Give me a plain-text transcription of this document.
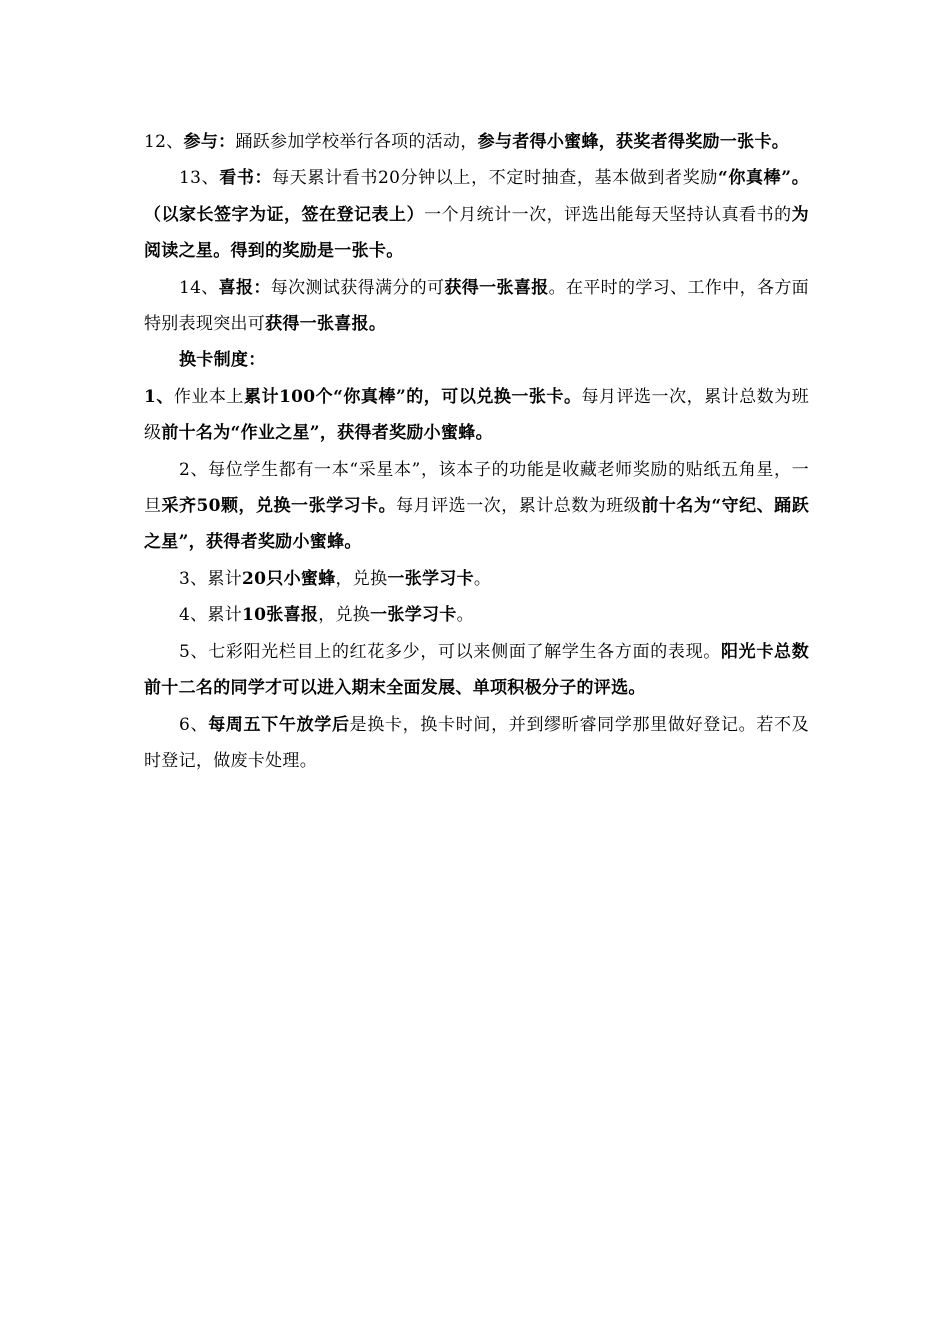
12、参与：踊跃参加学校举行各项的活动，参与者得小蜜蜂，获奖者得奖励一张卡。

13、看书：每天累计看书20分钟以上，不定时抽查，基本做到者奖励“你真棒”。（以家长签字为证，签在登记表上）一个月统计一次，评选出能每天坚持认真看书的为阅读之星。得到的奖励是一张卡。

14、喜报：每次测试获得满分的可获得一张喜报。在平时的学习、工作中，各方面特别表现突出可获得一张喜报。

换卡制度：

1、作业本上累计100个“你真棒”的，可以兑换一张卡。每月评选一次，累计总数为班级前十名为“作业之星”，获得者奖励小蜜蜂。

2、每位学生都有一本“采星本”，该本子的功能是收藏老师奖励的贴纸五角星，一旦采齐50颗，兑换一张学习卡。每月评选一次，累计总数为班级前十名为“守纪、踊跃之星”，获得者奖励小蜜蜂。

3、累计20只小蜜蜂，兑换一张学习卡。

4、累计10张喜报，兑换一张学习卡。

5、七彩阳光栏目上的红花多少，可以来侧面了解学生各方面的表现。阳光卡总数前十二名的同学才可以进入期末全面发展、单项积极分子的评选。

6、每周五下午放学后是换卡，换卡时间，并到缪昕睿同学那里做好登记。若不及时登记，做废卡处理。
